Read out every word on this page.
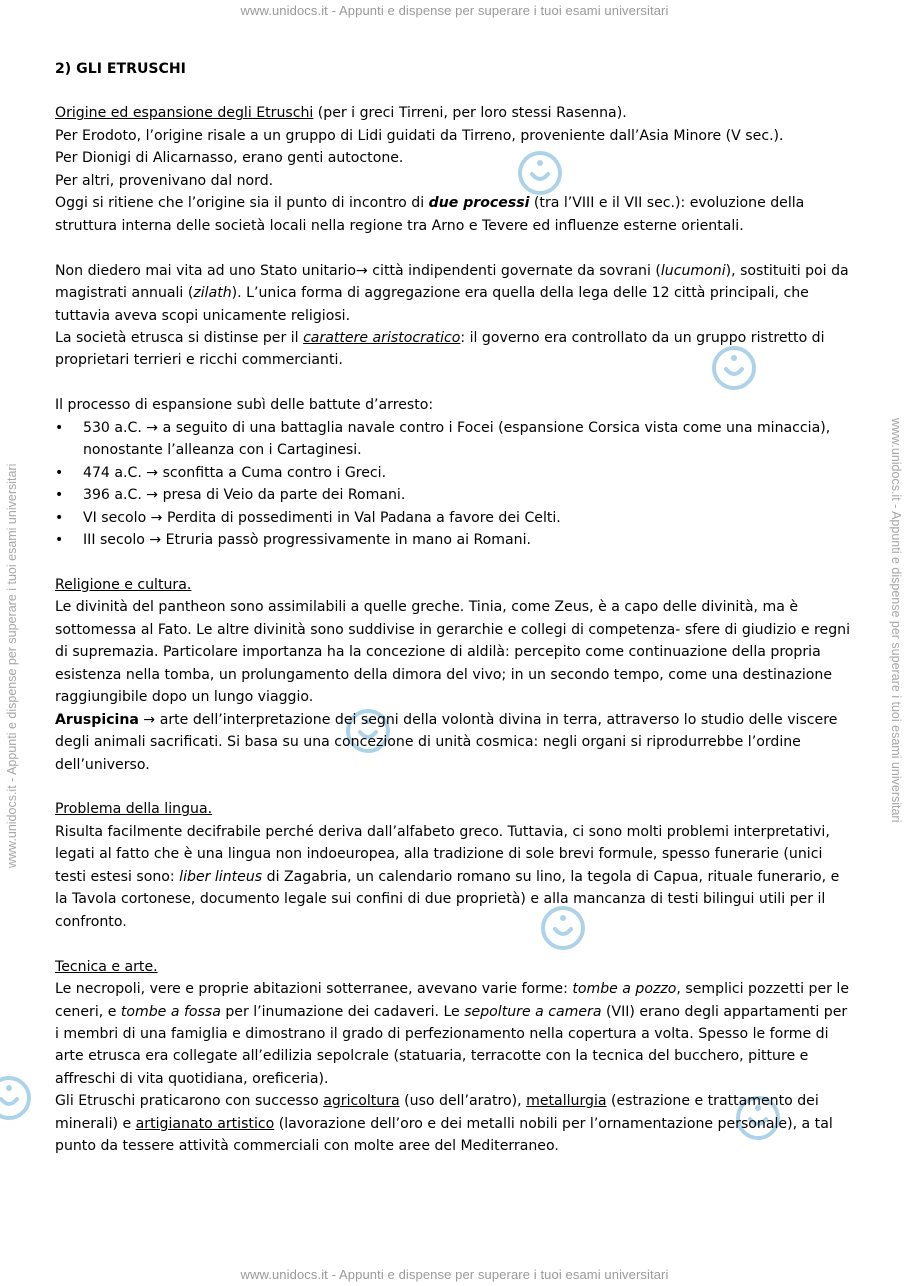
www.unidocs.it - Appunti e dispense per superare i tuoi esami universitari
www.unidocs.it - Appunti e dispense per superare i tuoi esami universitari
www.unidocs.it - Appunti e dispense per superare i tuoi esami universitari	www.unidocs.it - Appunti e dispense per superare i tuoi esami universitari

2) GLI ETRUSCHI

Origine ed espansione degli Etruschi (per i greci Tirreni, per loro stessi Rasenna).

Per Erodoto, l’origine risale a un gruppo di Lidi guidati da Tirreno, proveniente dall’Asia Minore (V sec.).

Per Dionigi di Alicarnasso, erano genti autoctone.

Per altri, provenivano dal nord.

Oggi si ritiene che l’origine sia il punto di incontro di due processi (tra l’VIII e il VII sec.): evoluzione della struttura interna delle società locali nella regione tra Arno e Tevere ed influenze esterne orientali.

Non diedero mai vita ad uno Stato unitario→ città indipendenti governate da sovrani (lucumoni), sostituiti poi da magistrati annuali (zilath). L’unica forma di aggregazione era quella della lega delle 12 città principali, che tuttavia aveva scopi unicamente religiosi.

La società etrusca si distinse per il carattere aristocratico: il governo era controllato da un gruppo ristretto di proprietari terrieri e ricchi commercianti.

Il processo di espansione subì delle battute d’arresto:

• 530 a.C. → a seguito di una battaglia navale contro i Focei (espansione Corsica vista come una minaccia), nonostante l’alleanza con i Cartaginesi.
• 474 a.C. → sconfitta a Cuma contro i Greci.
• 396 a.C. → presa di Veio da parte dei Romani.
• VI secolo → Perdita di possedimenti in Val Padana a favore dei Celti.
• III secolo → Etruria passò progressivamente in mano ai Romani.

Religione e cultura.

Le divinità del pantheon sono assimilabili a quelle greche. Tinia, come Zeus, è a capo delle divinità, ma è sottomessa al Fato. Le altre divinità sono suddivise in gerarchie e collegi di competenza- sfere di giudizio e regni di supremazia. Particolare importanza ha la concezione di aldilà: percepito come continuazione della propria esistenza nella tomba, un prolungamento della dimora del vivo; in un secondo tempo, come una destinazione raggiungibile dopo un lungo viaggio.

Aruspicina → arte dell’interpretazione dei segni della volontà divina in terra, attraverso lo studio delle viscere degli animali sacrificati. Si basa su una concezione di unità cosmica: negli organi si riprodurrebbe l’ordine dell’universo.

Problema della lingua.

Risulta facilmente decifrabile perché deriva dall’alfabeto greco. Tuttavia, ci sono molti problemi interpretativi, legati al fatto che è una lingua non indoeuropea, alla tradizione di sole brevi formule, spesso funerarie (unici testi estesi sono: liber linteus di Zagabria, un calendario romano su lino, la tegola di Capua, rituale funerario, e la Tavola cortonese, documento legale sui confini di due proprietà) e alla mancanza di testi bilingui utili per il confronto.

Tecnica e arte.

Le necropoli, vere e proprie abitazioni sotterranee, avevano varie forme: tombe a pozzo, semplici pozzetti per le ceneri, e tombe a fossa per l’inumazione dei cadaveri. Le sepolture a camera (VII) erano degli appartamenti per i membri di una famiglia e dimostrano il grado di perfezionamento nella copertura a volta. Spesso le forme di arte etrusca era collegate all’edilizia sepolcrale (statuaria, terracotte con la tecnica del bucchero, pitture e affreschi di vita quotidiana, oreficeria).

Gli Etruschi praticarono con successo agricoltura (uso dell’aratro), metallurgia (estrazione e trattamento dei minerali) e artigianato artistico (lavorazione dell’oro e dei metalli nobili per l’ornamentazione personale), a tal punto da tessere attività commerciali con molte aree del Mediterraneo.
